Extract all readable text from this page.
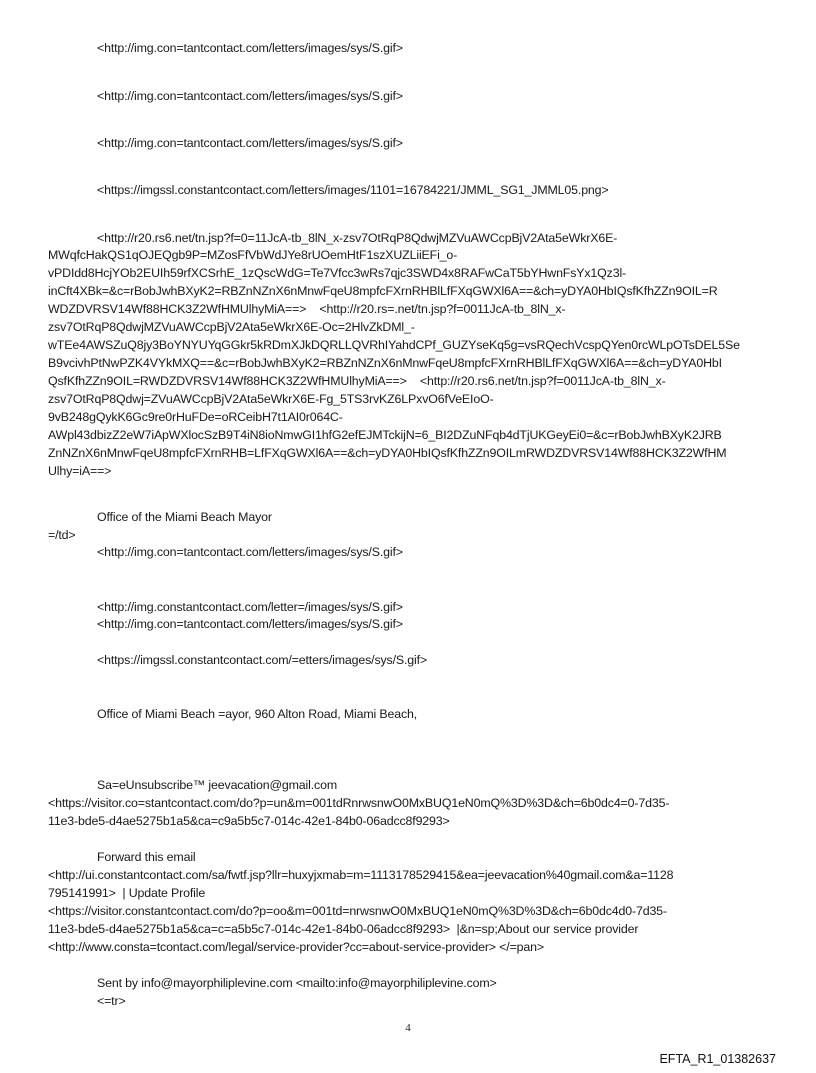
<http://img.con=tantcontact.com/letters/images/sys/S.gif>
<http://img.con=tantcontact.com/letters/images/sys/S.gif>
<http://img.con=tantcontact.com/letters/images/sys/S.gif>
<https://imgssl.constantcontact.com/letters/images/1101=16784221/JMML_SG1_JMML05.png>
<http://r20.rs6.net/tn.jsp?f=0=11JcA-tb_8lN_x-zsv7OtRqP8QdwjMZVuAWCcpBjV2Ata5eWkrX6E-
MWqfcHakQS1qOJEQgb9P=MZosFfVbWdJYe8rUOemHtF1szXUZLiiEFi_o-
vPDIdd8HcjYOb2EUIh59rfXCSrhE_1zQscWdG=Te7Vfcc3wRs7qjc3SWD4x8RAFwCaT5bYHwnFsYx1Qz3l-
inCft4XBk=&c=rBobJwhBXyK2=RBZnNZnX6nMnwFqeU8mpfcFXrnRHBlLfFXqGWXl6A==&ch=yDYA0HbIQsfKfhZZn9OIL=R
WDZDVRSV14Wf88HCK3Z2WfHMUlhyMiA==>    <http://r20.rs=.net/tn.jsp?f=0011JcA-tb_8lN_x-
zsv7OtRqP8QdwjMZVuAWCcpBjV2Ata5eWkrX6E-Oc=2HlvZkDMl_-
wTEe4AWSZuQ8jy3BoYNYUYqGGkr5kRDmXJkDQRLLQVRhIYahdCPf_GUZYseKq5g=vsRQechVcspQYen0rcWLpOTsDEL5Se
B9vcivhPtNwPZK4VYkMXQ==&c=rBobJwhBXyK2=RBZnNZnX6nMnwFqeU8mpfcFXrnRHBlLfFXqGWXl6A==&ch=yDYA0HbI
QsfKfhZZn9OIL=RWDZDVRSV14Wf88HCK3Z2WfHMUlhyMiA==>    <http://r20.rs6.net/tn.jsp?f=0011JcA-tb_8lN_x-
zsv7OtRqP8Qdwj=ZVuAWCcpBjV2Ata5eWkrX6E-Fg_5TS3rvKZ6LPxvO6fVeEIoO-
9vB248gQykK6Gc9re0rHuFDe=oRCeibH7t1AI0r064C-
AWpl43dbizZ2eW7iApWXlocSzB9T4iN8ioNmwGI1hfG2efEJMTckijN=6_BI2DZuNFqb4dTjUKGeyEi0=&c=rBobJwhBXyK2JRB
ZnNZnX6nMnwFqeU8mpfcFXrnRHB=LfFXqGWXl6A==&ch=yDYA0HbIQsfKfhZZn9OILmRWDZDVRSV14Wf88HCK3Z2WfHM
Ulhy=iA==>
Office of the Miami Beach Mayor
=/td>
<http://img.con=tantcontact.com/letters/images/sys/S.gif>
<http://img.constantcontact.com/letter=/images/sys/S.gif>
<http://img.con=tantcontact.com/letters/images/sys/S.gif>
<https://imgssl.constantcontact.com/=etters/images/sys/S.gif>
Office of Miami Beach =ayor, 960 Alton Road, Miami Beach,
Sa=eUnsubscribe™ jeevacation@gmail.com
<https://visitor.co=stantcontact.com/do?p=un&m=001tdRnrwsnwO0MxBUQ1eN0mQ%3D%3D&ch=6b0dc4=0-7d35-
11e3-bde5-d4ae5275b1a5&ca=c9a5b5c7-014c-42e1-84b0-06adcc8f9293>
Forward this email
<http://ui.constantcontact.com/sa/fwtf.jsp?llr=huxyjxmab=m=1113178529415&ea=jeevacation%40gmail.com&a=1128
795141991>  | Update Profile
<https://visitor.constantcontact.com/do?p=oo&m=001td=nrwsnwO0MxBUQ1eN0mQ%3D%3D&ch=6b0dc4d0-7d35-
11e3-bde5-d4ae5275b1a5&ca=c=a5b5c7-014c-42e1-84b0-06adcc8f9293>  |&n=sp;About our service provider
<http://www.consta=tcontact.com/legal/service-provider?cc=about-service-provider> </=pan>
Sent by info@mayorphiliplevine.com <mailto:info@mayorphiliplevine.com>
<=tr>
4
EFTA_R1_01382637
